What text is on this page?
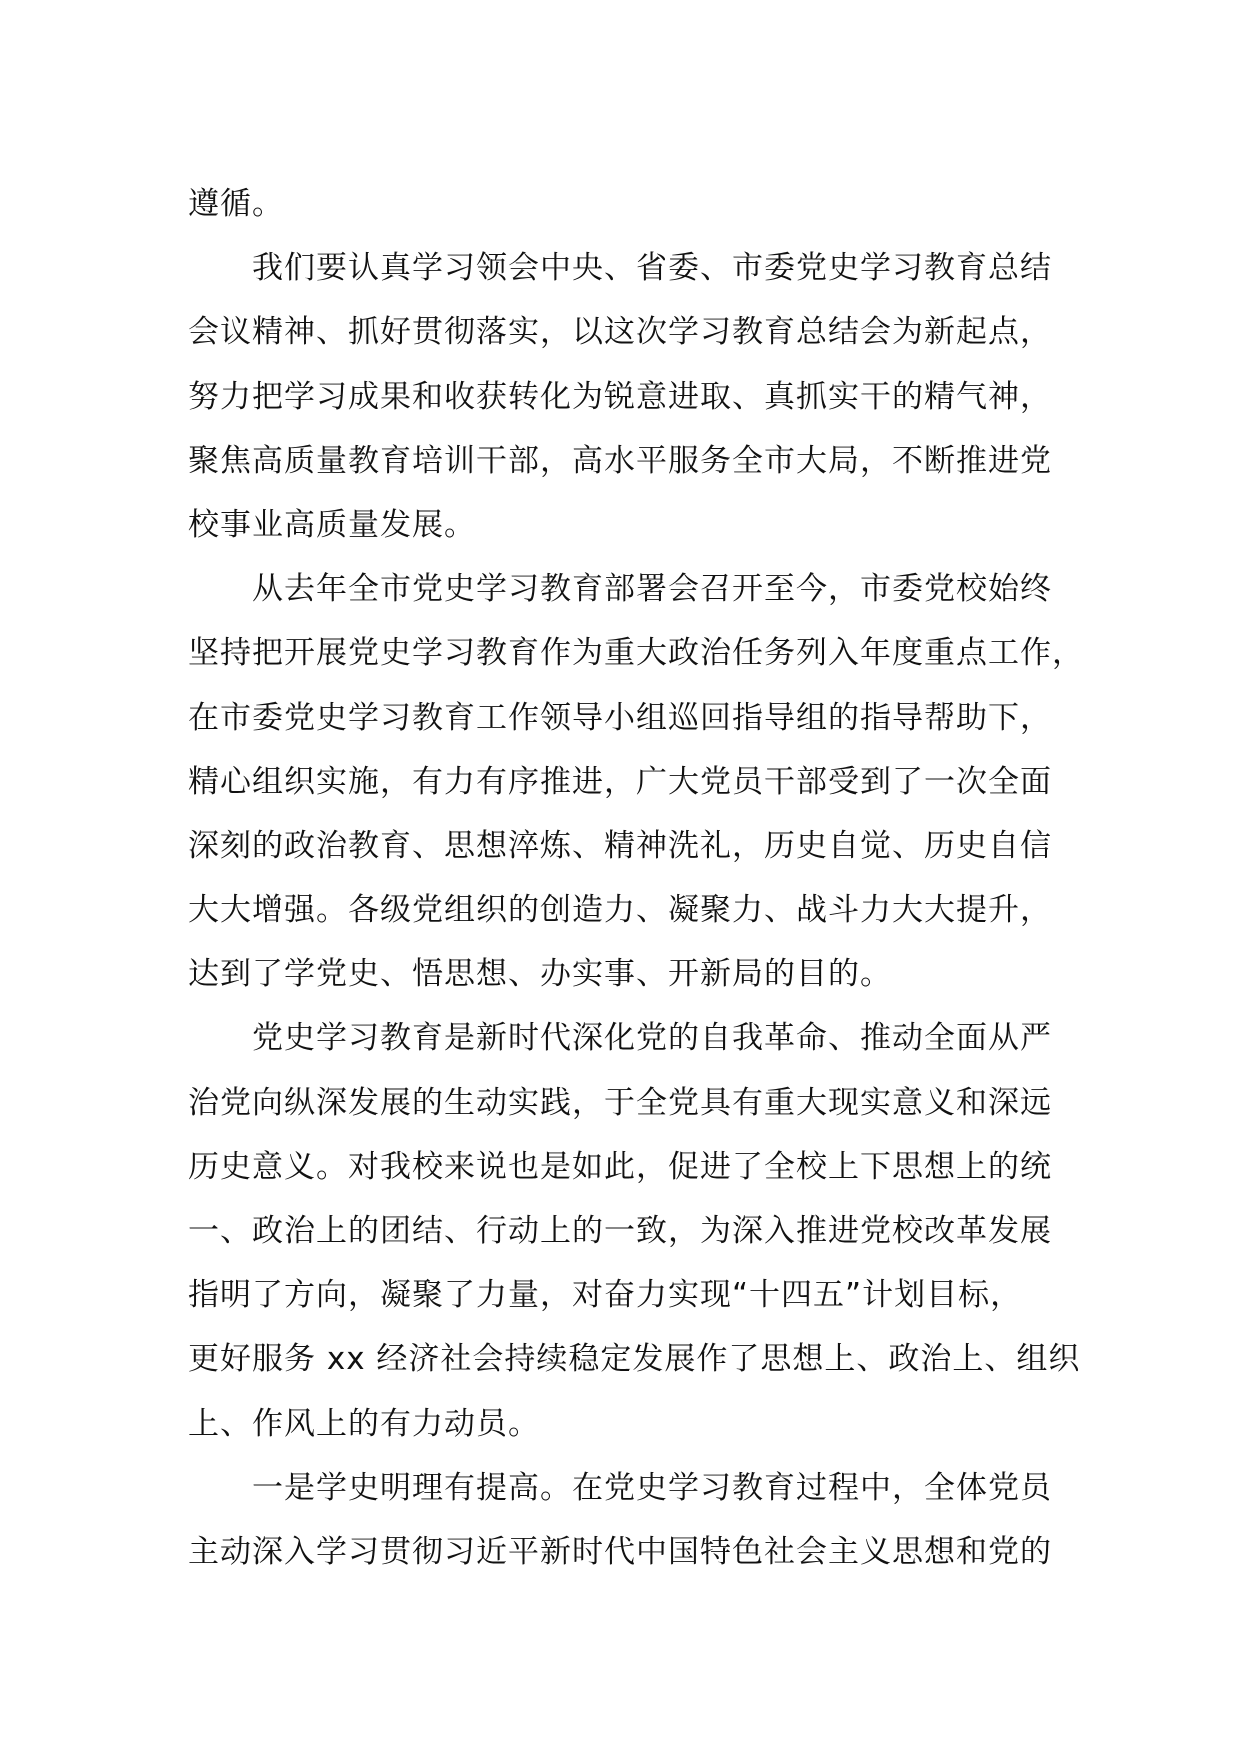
遵循。
我们要认真学习领会中央、省委、市委党史学习教育总结
会议精神、抓好贯彻落实，以这次学习教育总结会为新起点，
努力把学习成果和收获转化为锐意进取、真抓实干的精气神，
聚焦高质量教育培训干部，高水平服务全市大局，不断推进党
校事业高质量发展。
从去年全市党史学习教育部署会召开至今，市委党校始终
坚持把开展党史学习教育作为重大政治任务列入年度重点工作，
在市委党史学习教育工作领导小组巡回指导组的指导帮助下，
精心组织实施，有力有序推进，广大党员干部受到了一次全面
深刻的政治教育、思想淬炼、精神洗礼，历史自觉、历史自信
大大增强。各级党组织的创造力、凝聚力、战斗力大大提升，
达到了学党史、悟思想、办实事、开新局的目的。
党史学习教育是新时代深化党的自我革命、推动全面从严
治党向纵深发展的生动实践，于全党具有重大现实意义和深远
历史意义。对我校来说也是如此，促进了全校上下思想上的统
一、政治上的团结、行动上的一致，为深入推进党校改革发展
指明了方向，凝聚了力量，对奋力实现“十四五”计划目标，
更好服务 xx 经济社会持续稳定发展作了思想上、政治上、组织
上、作风上的有力动员。
一是学史明理有提高。在党史学习教育过程中，全体党员
主动深入学习贯彻习近平新时代中国特色社会主义思想和党的
